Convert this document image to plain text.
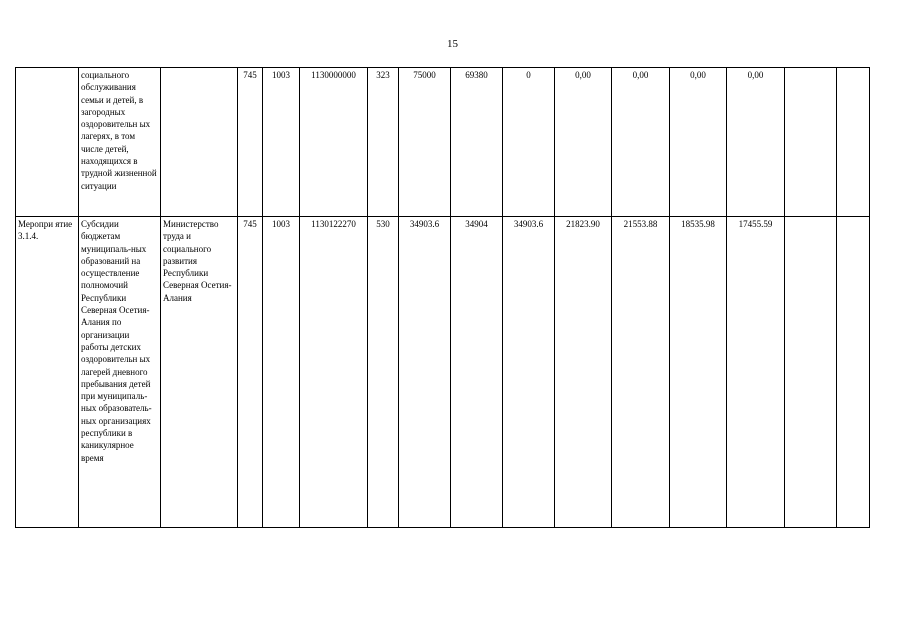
15
	социального обслуживания семьи и детей, в загородных оздоровительн ых лагерях, в том числе детей, находящихся в трудной жизненной ситуации		745	1003	1130000000	323	75000	69380	0	0,00	0,00	0,00	0,00		
Меропри ятие 3.1.4.	Субсидии бюджетам муниципаль-ных образований на осуществление полномочий Республики Северная Осетия-Алания по организации работы детских оздоровительн ых лагерей дневного пребывания детей при муниципаль-ных образователь-ных организациях республики в каникулярное время	Министерство труда и социального развития Республики Северная Осетия-Алания	745	1003	1130122270	530	34903.6	34904	34903.6	21823.90	21553.88	18535.98	17455.59		
